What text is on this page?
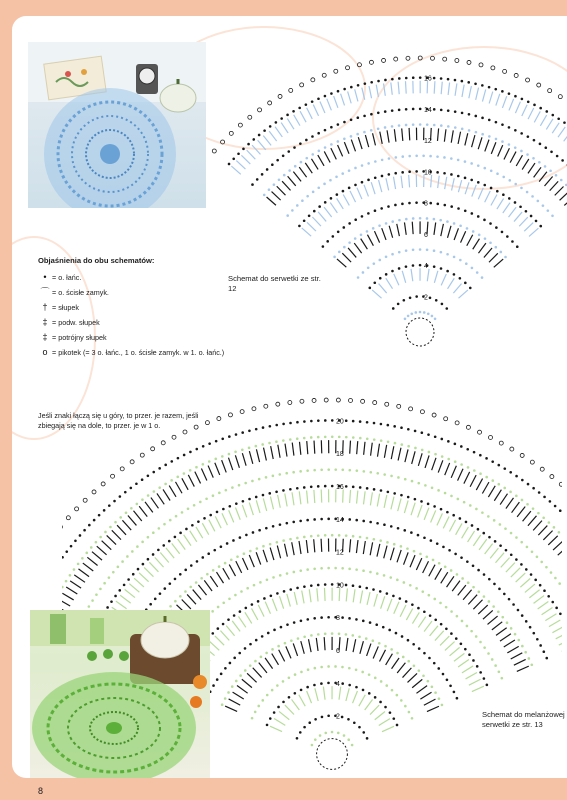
2
4
6
8
10
12
14
16
Objaśnienia do obu schematów:
• = o. łańc.
⌒ = o. ścisłe zamyk.
† = słupek
‡ = podw. słupek
‡ = potrójny słupek
o = pikotek (= 3 o. łańc., 1 o. ścisłe zamyk. w 1. o. łańc.)
Jeśli znaki łączą się u góry, to przer. je razem, jeśli zbiegają się na dole, to przer. je w 1 o.
Schemat do serwetki ze str. 12
2
4
6
8
10
12
14
16
18
20
Schemat do melanżowej serwetki ze str. 13
8
